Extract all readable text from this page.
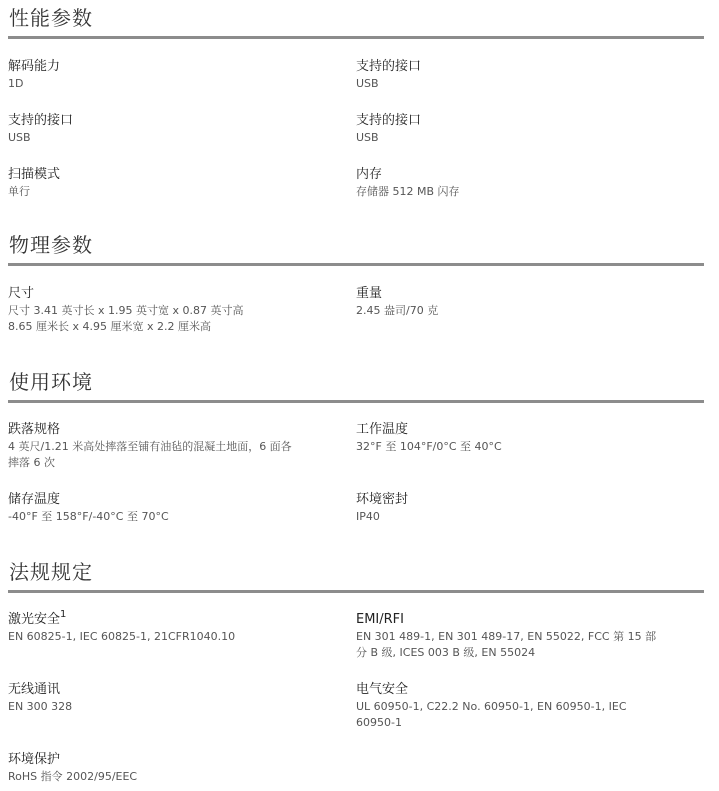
性能参数
解码能力
1D
支持的接口
USB
支持的接口
USB
支持的接口
USB
扫描模式
单行
内存
存储器 512 MB 闪存
物理参数
尺寸
尺寸 3.41 英寸长 x 1.95 英寸宽 x 0.87 英寸高
8.65 厘米长 x 4.95 厘米宽 x 2.2 厘米高
重量
2.45 盎司/70 克
使用环境
跌落规格
4 英尺/1.21 米高处摔落至铺有油毡的混凝土地面，6 面各
摔落 6 次
工作温度
32°F 至 104°F/0°C 至 40°C
储存温度
-40°F 至 158°F/-40°C 至 70°C
环境密封
IP40
法规规定
激光安全$^1$
EN 60825-1, IEC 60825-1, 21CFR1040.10
EMI/RFI
EN 301 489-1, EN 301 489-17, EN 55022, FCC 第 15 部
分 B 级, ICES 003 B 级, EN 55024
无线通讯
EN 300 328
电气安全
UL 60950-1, C22.2 No. 60950-1, EN 60950-1, IEC
60950-1
环境保护
RoHS 指令 2002/95/EEC
